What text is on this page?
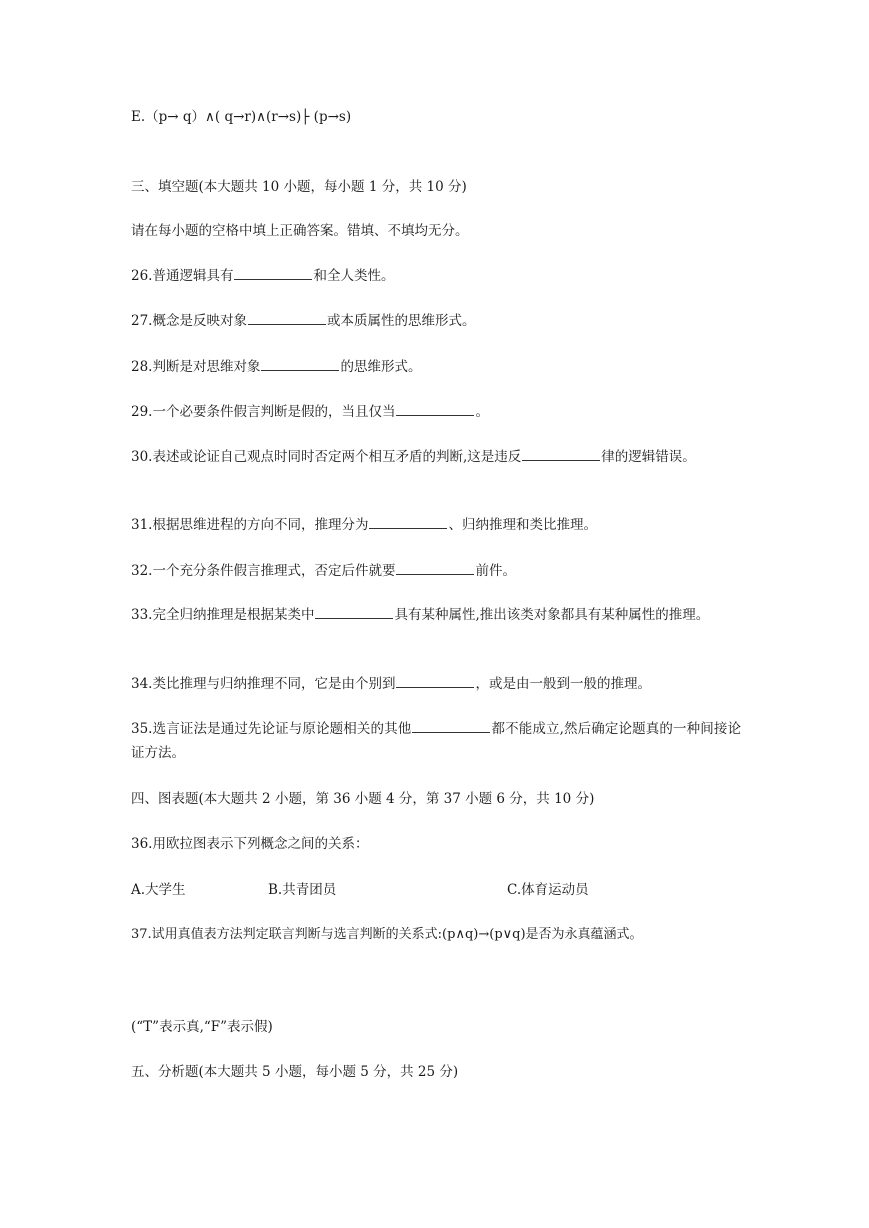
E.（p→ q）∧( q→r)∧(r→s)├ (p→s)
三、填空题(本大题共 10 小题，每小题 1 分，共 10 分)
请在每小题的空格中填上正确答案。错填、不填均无分。
26.普通逻辑具有	和全人类性。
27.概念是反映对象	或本质属性的思维形式。
28.判断是对思维对象	的思维形式。
29.一个必要条件假言判断是假的，当且仅当	。
30.表述或论证自己观点时同时否定两个相互矛盾的判断,这是违反	律的逻辑错误。
31.根据思维进程的方向不同，推理分为	、归纳推理和类比推理。
32.一个充分条件假言推理式，否定后件就要	前件。
33.完全归纳推理是根据某类中	具有某种属性,推出该类对象都具有某种属性的推理。
34.类比推理与归纳推理不同，它是由个别到	，或是由一般到一般的推理。
35.选言证法是通过先论证与原论题相关的其他	都不能成立,然后确定论题真的一种间接论证方法。
四、图表题(本大题共 2 小题，第 36 小题 4 分，第 37 小题 6 分，共 10 分)
36.用欧拉图表示下列概念之间的关系：
A.大学生	B.共青团员	C.体育运动员
37.试用真值表方法判定联言判断与选言判断的关系式:(p∧q)→(p∨q)是否为永真蕴涵式。
(“T”表示真,“F”表示假)
五、分析题(本大题共 5 小题，每小题 5 分，共 25 分)
